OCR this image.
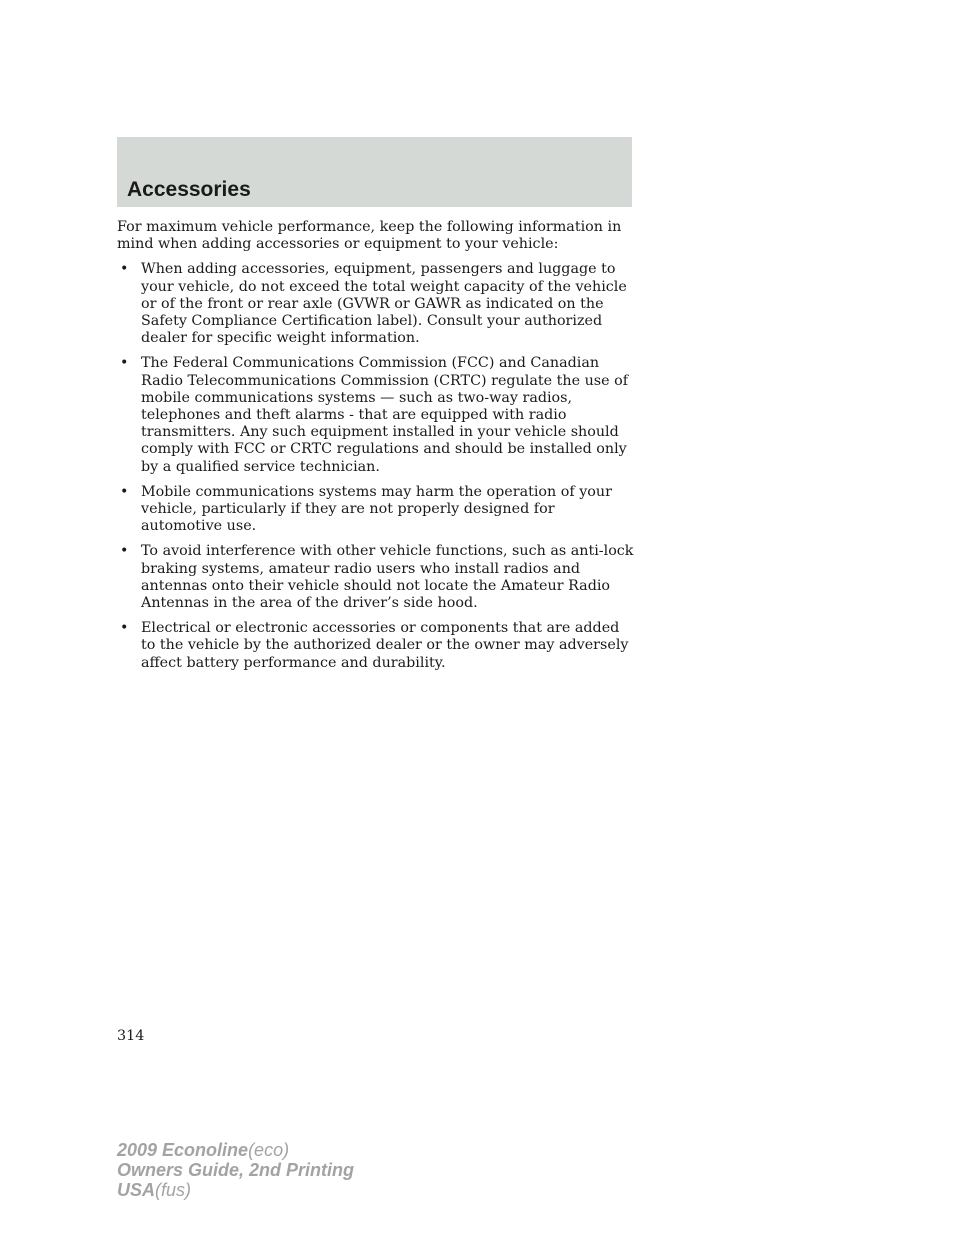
Accessories

For maximum vehicle performance, keep the following information in mind when adding accessories or equipment to your vehicle:

• When adding accessories, equipment, passengers and luggage to your vehicle, do not exceed the total weight capacity of the vehicle or of the front or rear axle (GVWR or GAWR as indicated on the Safety Compliance Certification label). Consult your authorized dealer for specific weight information.
• The Federal Communications Commission (FCC) and Canadian Radio Telecommunications Commission (CRTC) regulate the use of mobile communications systems — such as two-way radios, telephones and theft alarms - that are equipped with radio transmitters. Any such equipment installed in your vehicle should comply with FCC or CRTC regulations and should be installed only by a qualified service technician.
• Mobile communications systems may harm the operation of your vehicle, particularly if they are not properly designed for automotive use.
• To avoid interference with other vehicle functions, such as anti-lock braking systems, amateur radio users who install radios and antennas onto their vehicle should not locate the Amateur Radio Antennas in the area of the driver’s side hood.
• Electrical or electronic accessories or components that are added to the vehicle by the authorized dealer or the owner may adversely affect battery performance and durability.
314
2009 Econoline(eco)
Owners Guide, 2nd Printing
USA(fus)
